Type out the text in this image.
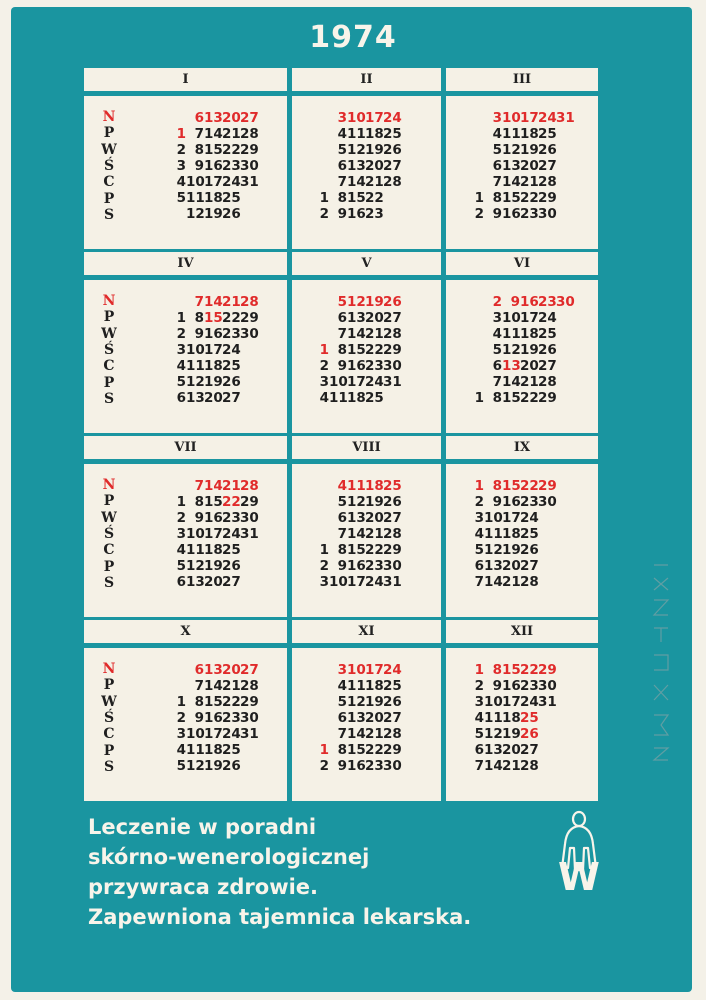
1974
I
1
2
3
4
5
6
7
8
9
10
11
12
13
14
15
16
17
18
19
20
21
22
23
24
25
26
27
28
29
30
31
II
1
2
3
4
5
6
7
8
9
10
11
12
13
14
15
16
17
18
19
20
21
22
23
24
25
26
27
28
III
1
2
3
4
5
6
7
8
9
10
11
12
13
14
15
16
17
18
19
20
21
22
23
24
25
26
27
28
29
30
31
IV
1
2
3
4
5
6
7
8
9
10
11
12
13
14
15
16
17
18
19
20
21
22
23
24
25
26
27
28
29
30
V
1
2
3
4
5
6
7
8
9
10
11
12
13
14
15
16
17
18
19
20
21
22
23
24
25
26
27
28
29
30
31
VI
1
2
3
4
5
6
7
8
9
10
11
12
13
14
15
16
17
18
19
20
21
22
23
24
25
26
27
28
29
30
VII
1
2
3
4
5
6
7
8
9
10
11
12
13
14
15
16
17
18
19
20
21
22
23
24
25
26
27
28
29
30
31
VIII
1
2
3
4
5
6
7
8
9
10
11
12
13
14
15
16
17
18
19
20
21
22
23
24
25
26
27
28
29
30
31
IX
1
2
3
4
5
6
7
8
9
10
11
12
13
14
15
16
17
18
19
20
21
22
23
24
25
26
27
28
29
30
X
1
2
3
4
5
6
7
8
9
10
11
12
13
14
15
16
17
18
19
20
21
22
23
24
25
26
27
28
29
30
31
XI
1
2
3
4
5
6
7
8
9
10
11
12
13
14
15
16
17
18
19
20
21
22
23
24
25
26
27
28
29
30
XII
1
2
3
4
5
6
7
8
9
10
11
12
13
14
15
16
17
18
19
20
21
22
23
24
25
26
27
28
29
30
31
N
P
W
Ś
C
P
S
N
P
W
Ś
C
P
S
N
P
W
Ś
C
P
S
N
P
W
Ś
C
P
S
Leczenie w poradni
skórno-wenerologicznej
przywraca zdrowie.
Zapewniona tajemnica lekarska.
W
